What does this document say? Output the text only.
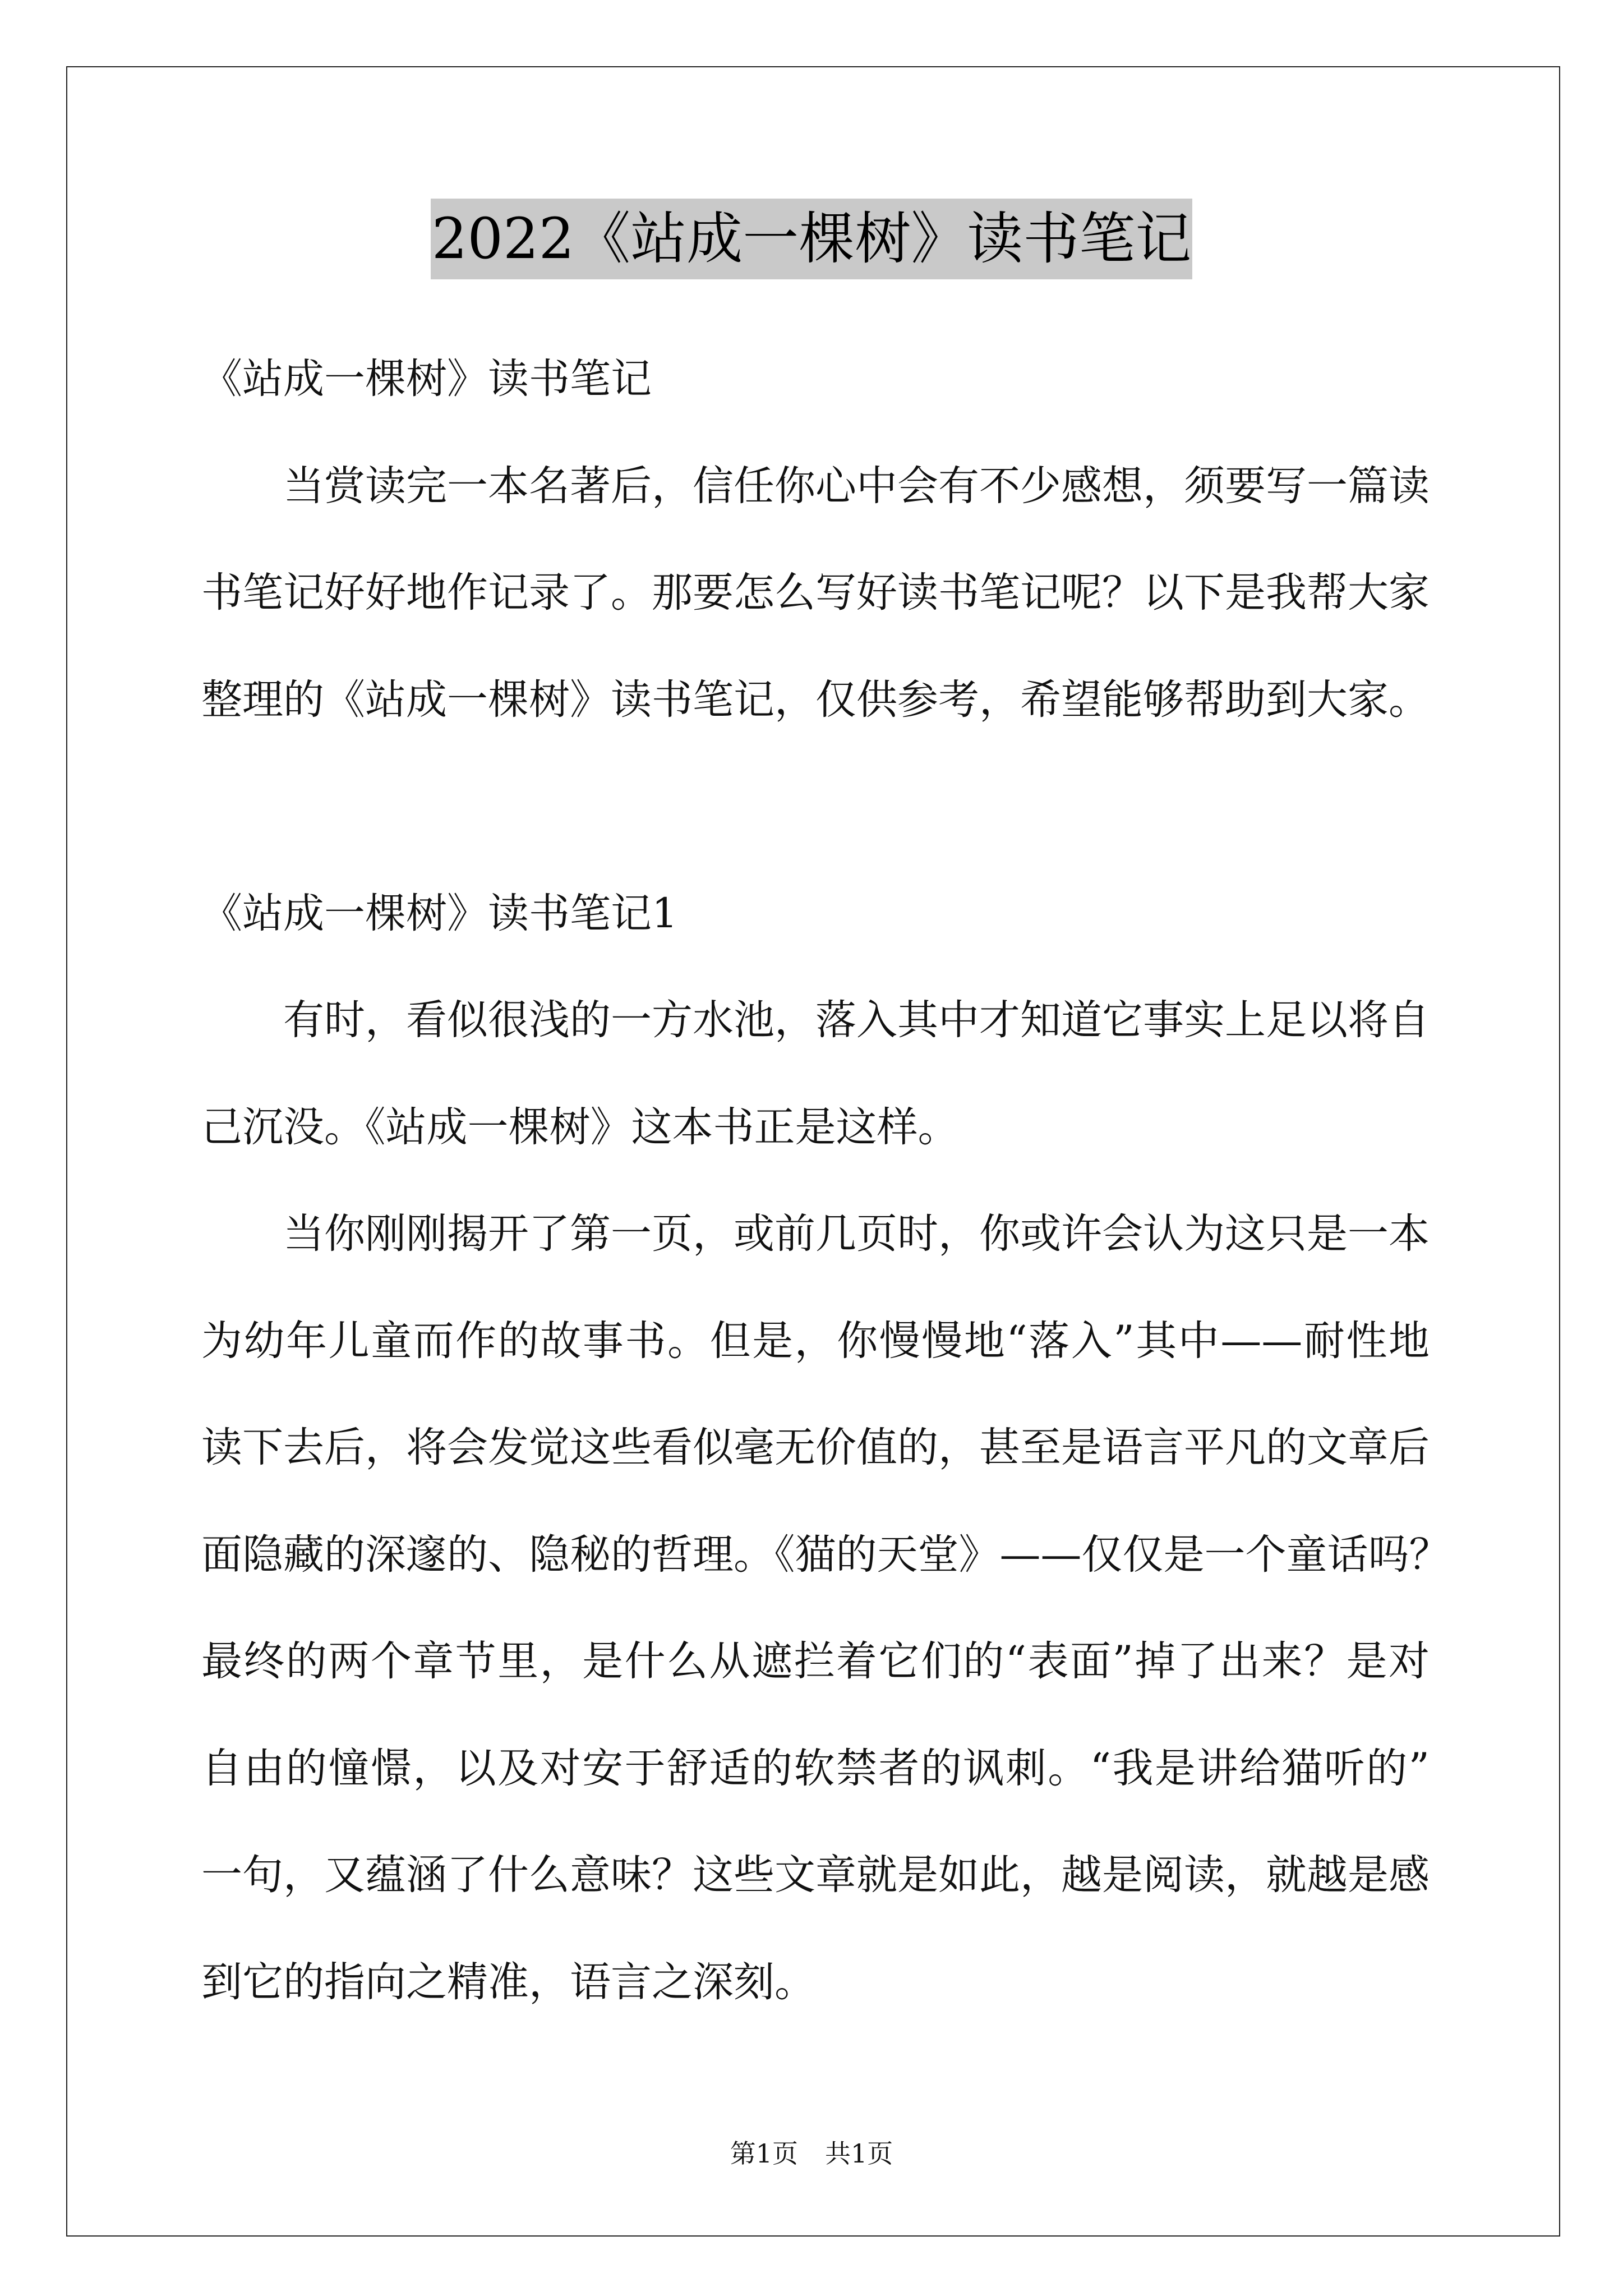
2022《站成一棵树》读书笔记
《站成一棵树》读书笔记
当赏读完一本名著后，信任你心中会有不少感想，须要写一篇读
书笔记好好地作记录了。那要怎么写好读书笔记呢？以下是我帮大家
整理的《站成一棵树》读书笔记，仅供参考，希望能够帮助到大家。
《站成一棵树》读书笔记1
有时，看似很浅的一方水池，落入其中才知道它事实上足以将自
己沉没。《站成一棵树》这本书正是这样。
当你刚刚揭开了第一页，或前几页时，你或许会认为这只是一本
为幼年儿童而作的故事书。但是，你慢慢地“落入”其中——耐性地
读下去后，将会发觉这些看似毫无价值的，甚至是语言平凡的文章后
面隐藏的深邃的、隐秘的哲理。《猫的天堂》——仅仅是一个童话吗？
最终的两个章节里，是什么从遮拦着它们的“表面”掉了出来？是对
自由的憧憬，以及对安于舒适的软禁者的讽刺。“我是讲给猫听的”
一句，又蕴涵了什么意味？这些文章就是如此，越是阅读，就越是感
到它的指向之精准，语言之深刻。
第1页 共1页
